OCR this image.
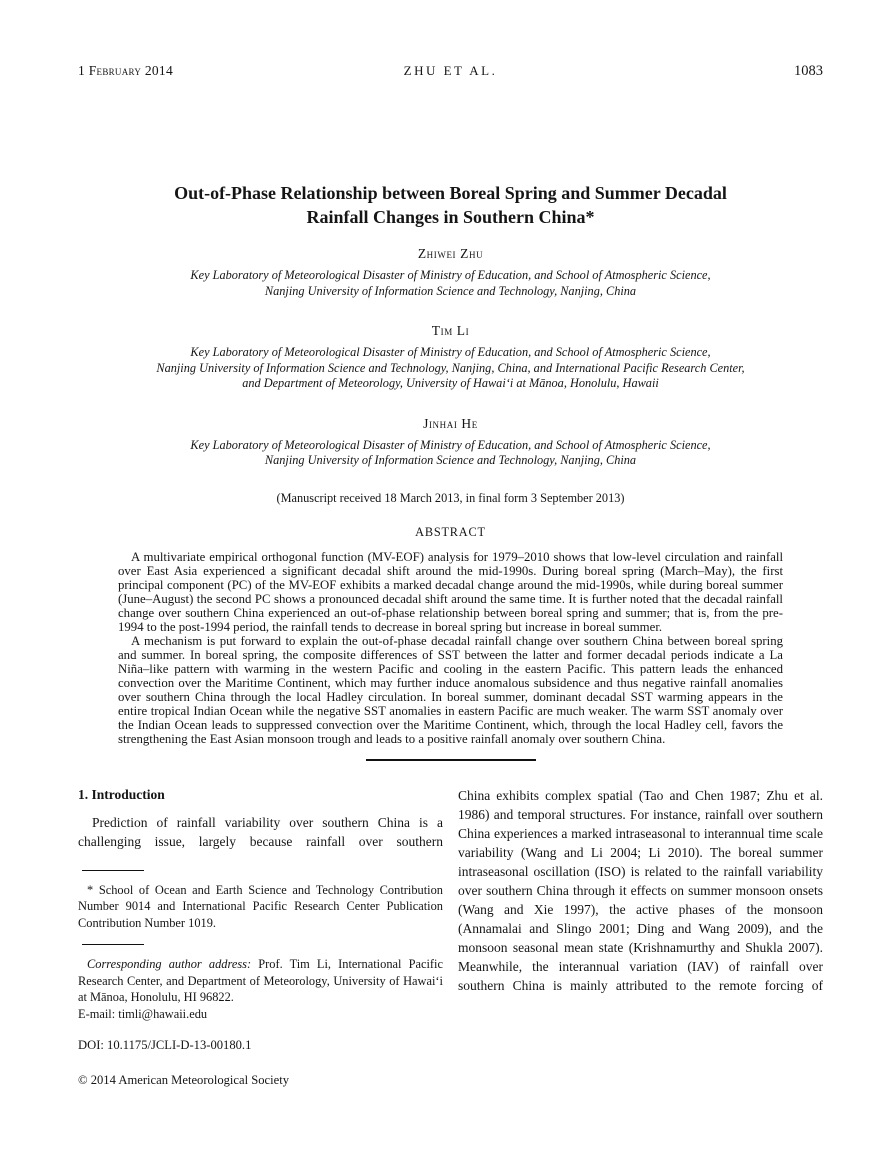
1 February 2014	ZHU ET AL.	1083
Out-of-Phase Relationship between Boreal Spring and Summer Decadal
Rainfall Changes in Southern China*
Zhiwei Zhu
Key Laboratory of Meteorological Disaster of Ministry of Education, and School of Atmospheric Science,
Nanjing University of Information Science and Technology, Nanjing, China
Tim Li
Key Laboratory of Meteorological Disaster of Ministry of Education, and School of Atmospheric Science,
Nanjing University of Information Science and Technology, Nanjing, China, and International Pacific Research Center,
and Department of Meteorology, University of Hawai‘i at Mānoa, Honolulu, Hawaii
Jinhai He
Key Laboratory of Meteorological Disaster of Ministry of Education, and School of Atmospheric Science,
Nanjing University of Information Science and Technology, Nanjing, China
(Manuscript received 18 March 2013, in final form 3 September 2013)
ABSTRACT

A multivariate empirical orthogonal function (MV-EOF) analysis for 1979–2010 shows that low-level circulation and rainfall over East Asia experienced a significant decadal shift around the mid-1990s. During boreal spring (March–May), the first principal component (PC) of the MV-EOF exhibits a marked decadal change around the mid-1990s, while during boreal summer (June–August) the second PC shows a pronounced decadal shift around the same time. It is further noted that the decadal rainfall change over southern China experienced an out-of-phase relationship between boreal spring and summer; that is, from the pre-1994 to the post-1994 period, the rainfall tends to decrease in boreal spring but increase in boreal summer.

A mechanism is put forward to explain the out-of-phase decadal rainfall change over southern China between boreal spring and summer. In boreal spring, the composite differences of SST between the latter and former decadal periods indicate a La Niña–like pattern with warming in the western Pacific and cooling in the eastern Pacific. This pattern leads the enhanced convection over the Maritime Continent, which may further induce anomalous subsidence and thus negative rainfall anomalies over southern China through the local Hadley circulation. In boreal summer, dominant decadal SST warming appears in the entire tropical Indian Ocean while the negative SST anomalies in eastern Pacific are much weaker. The warm SST anomaly over the Indian Ocean leads to suppressed convection over the Maritime Continent, which, through the local Hadley cell, favors the strengthening the East Asian monsoon trough and leads to a positive rainfall anomaly over southern China.

1. Introduction

Prediction of rainfall variability over southern China is a challenging issue, largely because rainfall over southern

* School of Ocean and Earth Science and Technology Contribution Number 9014 and International Pacific Research Center Publication Contribution Number 1019.

Corresponding author address: Prof. Tim Li, International Pacific Research Center, and Department of Meteorology, University of Hawai‘i at Mānoa, Honolulu, HI 96822.

E-mail: timli@hawaii.edu
DOI: 10.1175/JCLI-D-13-00180.1
© 2014 American Meteorological Society

China exhibits complex spatial (Tao and Chen 1987; Zhu et al. 1986) and temporal structures. For instance, rainfall over southern China experiences a marked intraseasonal to interannual time scale variability (Wang and Li 2004; Li 2010). The boreal summer intraseasonal oscillation (ISO) is related to the rainfall variability over southern China through it effects on summer monsoon onsets (Wang and Xie 1997), the active phases of the monsoon (Annamalai and Slingo 2001; Ding and Wang 2009), and the monsoon seasonal mean state (Krishnamurthy and Shukla 2007). Meanwhile, the interannual variation (IAV) of rainfall over southern China is mainly attributed to the remote forcing of
